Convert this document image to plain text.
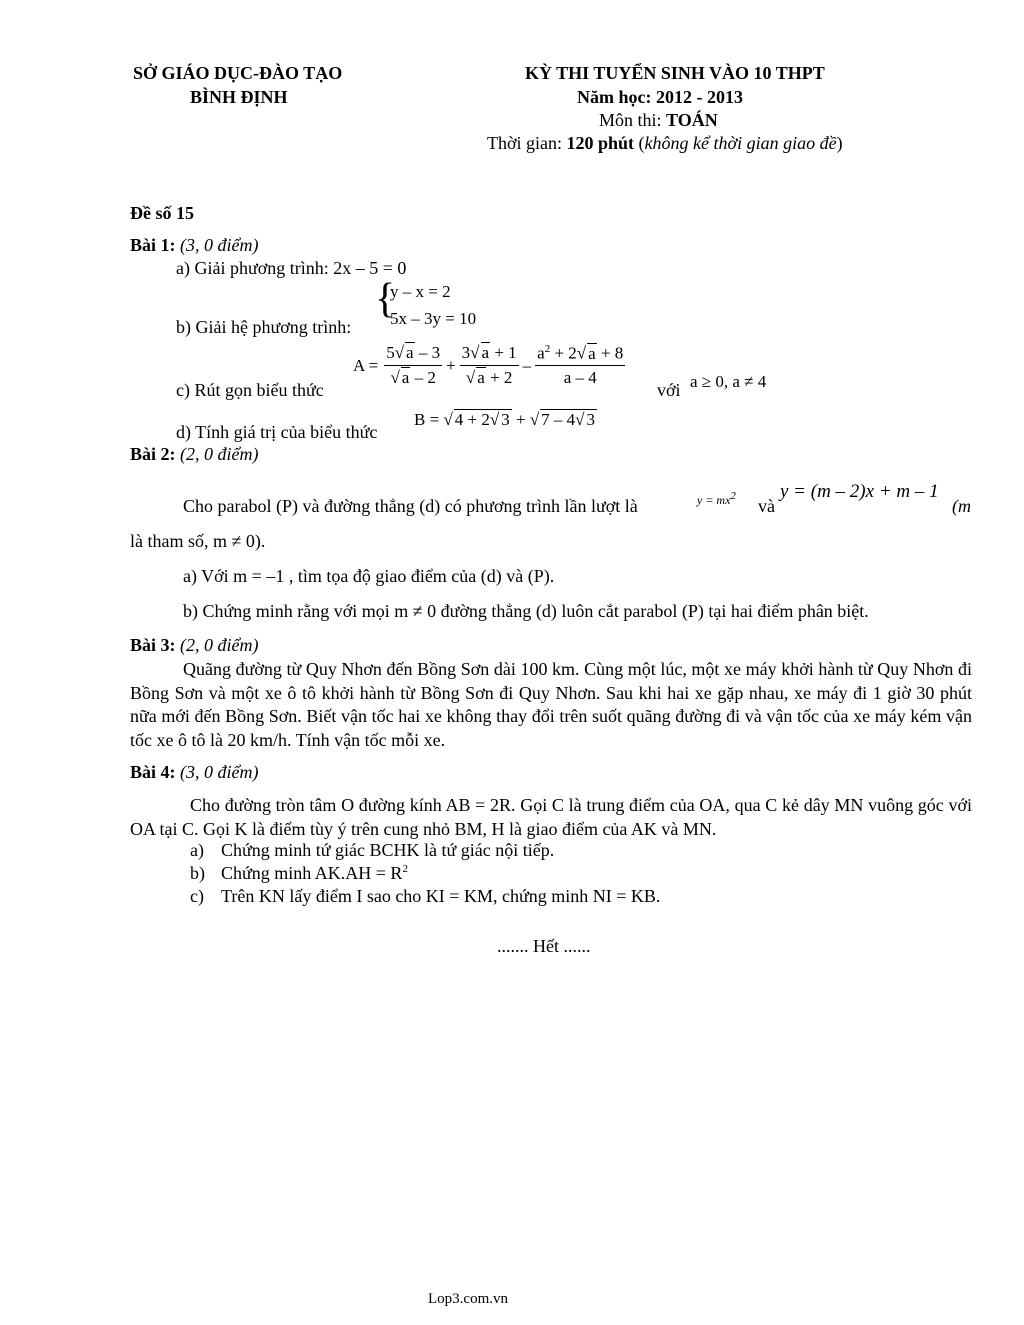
SỞ GIÁO DỤC-ĐÀO TẠO
BÌNH ĐỊNH
KỲ THI TUYỂN SINH VÀO 10 THPT
Năm học: 2012 - 2013
Môn thi: TOÁN
Thời gian: 120 phút (không kể thời gian giao đề)
Đề số 15
Bài 1: (3, 0 điểm)
a) Giải phương trình: 2x – 5 = 0
b) Giải hệ phương trình:
{
y – x = 2
5x – 3y = 10
c) Rút gọn biểu thức
$A = \frac{5√ a - 3}{√ a - 2} + \frac{3√ a + 1}{√ a + 2} - \frac{a^2 + 2√ a + 8}{a - 4}$
với a ≥ 0, a ≠ 4
d) Tính giá trị của biểu thức
B = √ 4 + 2√ 3 + √ 7 – 4√ 3
Bài 2: (2, 0 điểm)
Cho parabol (P) và đường thẳng (d) có phương trình lần lượt là	$y = mx^2$ và
y = (m – 2)x + m – 1
(m
là tham số, m ≠ 0).
a) Với m = –1 , tìm tọa độ giao điểm của (d) và (P).
b) Chứng minh rằng với mọi m ≠ 0 đường thẳng (d) luôn cắt parabol (P) tại hai điểm phân biệt.
Bài 3: (2, 0 điểm)
Quãng đường từ Quy Nhơn đến Bồng Sơn dài 100 km. Cùng một lúc, một xe máy khởi hành từ Quy Nhơn đi Bồng Sơn và một xe ô tô khởi hành từ Bồng Sơn đi Quy Nhơn. Sau khi hai xe gặp nhau, xe máy đi 1 giờ 30 phút nữa mới đến Bồng Sơn. Biết vận tốc hai xe không thay đổi trên suốt quãng đường đi và vận tốc của xe máy kém vận tốc xe ô tô là 20 km/h. Tính vận tốc mỗi xe.
Bài 4: (3, 0 điểm)
Cho đường tròn tâm O đường kính AB = 2R. Gọi C là trung điểm của OA, qua C kẻ dây MN vuông góc với OA tại C. Gọi K là điểm tùy ý trên cung nhỏ BM, H là giao điểm của AK và MN.
a) Chứng minh tứ giác BCHK là tứ giác nội tiếp.
b) Chứng minh $AK.AH = R^2$
c) Trên KN lấy điểm I sao cho KI = KM, chứng minh NI = KB.
....... Hết ......
Lop3.com.vn
